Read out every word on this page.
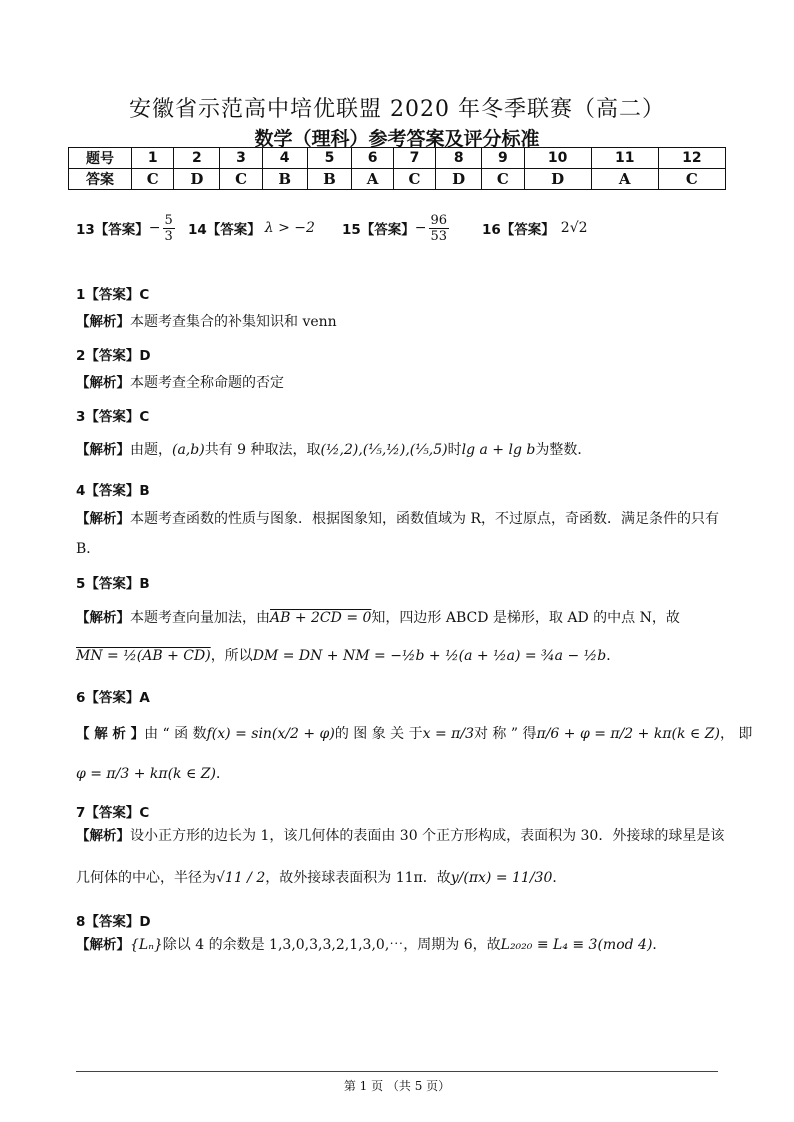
安徽省示范高中培优联盟 2020 年冬季联赛（高二）
数学（理科）参考答案及评分标准
题号	1	2	3	4	5	6	7	8	9	10	11	12
答案	C	D	C	B	B	A	C	D	C	D	A	C
13【答案】 − $\frac{5}{3} 14$【答案】 λ > −2 15【答案】 − $\frac{96}{53} 16$【答案】 2√2
1【答案】C
【解析】本题考查集合的补集知识和 venn
2【答案】D
【解析】本题考查全称命题的否定
3【答案】C
【解析】 由题， (a,b) 共有 9 种取法，取 (½,2),(⅕,½),(⅕,5) 时 lg a + lg b 为整数．
4【答案】B
【解析】 本题考查函数的性质与图象．根据图象知，函数值域为 R，不过原点，奇函数．满足条件的只有
B．
5【答案】B
【解析】 本题考查向量加法，由 AB + 2CD = 0 知，四边形 ABCD 是梯形，取 AD 的中点 N，故
MN = ½(AB + CD) ，所以 DM = DN + NM = −½b + ½(a + ½a) = ¾a − ½b ．
6【答案】A
【 解 析 】 由 “ 函 数 f(x) = sin(x/2 + φ) 的 图 象 关 于 x = π/3 对 称 ” 得 π/6 + φ = π/2 + kπ(k ∈ Z) ， 即
φ = π/3 + kπ(k ∈ Z) ．
7【答案】C
【解析】 设小正方形的边长为 1，该几何体的表面由 30 个正方形构成，表面积为 30．外接球的球星是该
几何体的中心，半径为 √11 / 2 ，故外接球表面积为 11π．故 y/(πx) = 11/30 ．
8【答案】D
【解析】 {Lₙ} 除以 4 的余数是 1,3,0,3,3,2,1,3,0,⋯，周期为 6，故 L₂₀₂₀ ≡ L₄ ≡ 3(mod 4) ．
第 1 页 （共 5 页）
